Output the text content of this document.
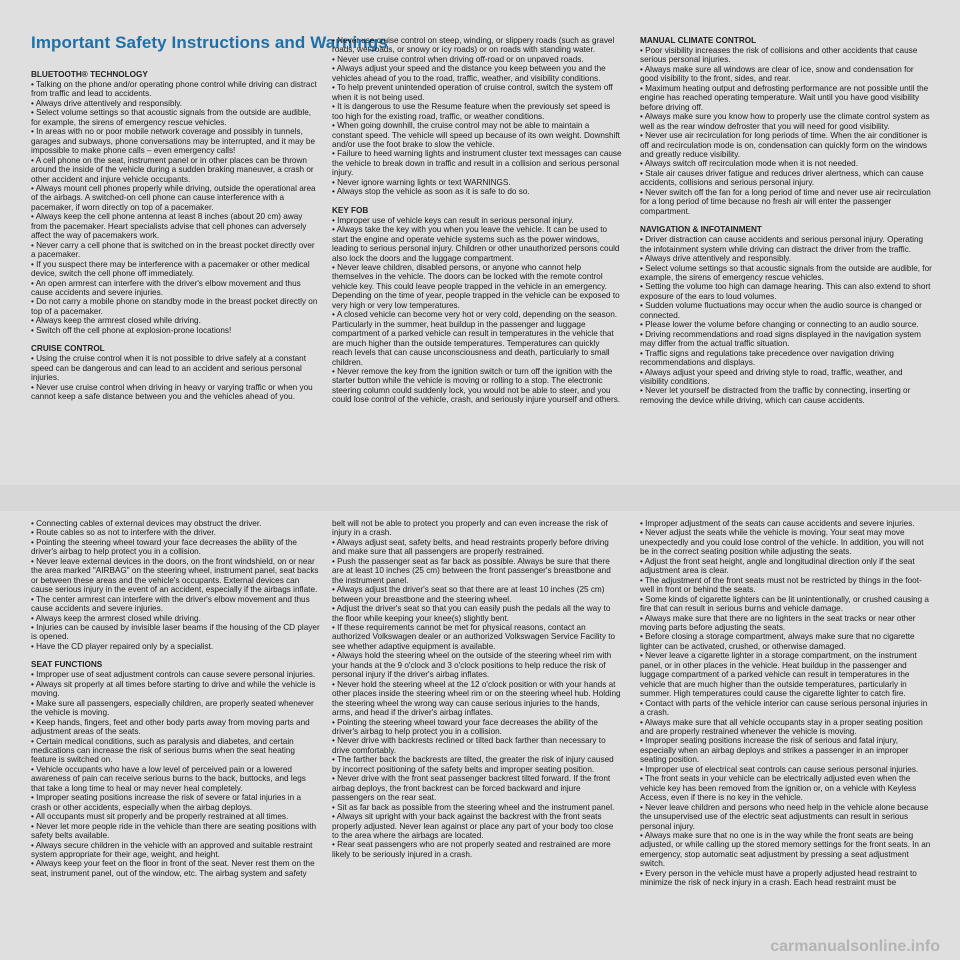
Important Safety Instructions and Warnings
BLUETOOTH® TECHNOLOGY

• Talking on the phone and/or operating phone control while driving can distract from traffic and lead to accidents.

• Always drive attentively and responsibly.

• Select volume settings so that acoustic signals from the outside are audible, for example, the sirens of emergency rescue vehicles.

• In areas with no or poor mobile network coverage and possibly in tunnels, garages and subways, phone conversations may be interrupted, and it may be impossible to make phone calls – even emergency calls!

• A cell phone on the seat, instrument panel or in other places can be thrown around the inside of the vehicle during a sudden braking maneuver, a crash or other accident and injure vehicle occupants.

• Always mount cell phones properly while driving, outside the operational area of the airbags. A switched-on cell phone can cause interference with a pacemaker, if worn directly on top of a pacemaker.

• Always keep the cell phone antenna at least 8 inches (about 20 cm) away from the pacemaker. Heart specialists advise that cell phones can adversely affect the way of pacemakers work.

• Never carry a cell phone that is switched on in the breast pocket directly over a pacemaker.

• If you suspect there may be interference with a pacemaker or other medical device, switch the cell phone off immediately.

• An open armrest can interfere with the driver's elbow movement and thus cause accidents and severe injuries.

• Do not carry a mobile phone on standby mode in the breast pocket directly on top of a pacemaker.

• Always keep the armrest closed while driving.

• Switch off the cell phone at explosion-prone locations!

CRUISE CONTROL

• Using the cruise control when it is not possible to drive safely at a constant speed can be dangerous and can lead to an accident and serious personal injuries.

• Never use cruise control when driving in heavy or varying traffic or when you cannot keep a safe distance between you and the vehicles ahead of you.

• Connecting cables of external devices may obstruct the driver.

• Route cables so as not to interfere with the driver.

• Pointing the steering wheel toward your face decreases the ability of the driver's airbag to help protect you in a collision.

• Never leave external devices in the doors, on the front windshield, on or near the area marked "AIRBAG" on the steering wheel, instrument panel, seat backs or between these areas and the vehicle's occupants. External devices can cause serious injury in the event of an accident, especially if the airbags inflate.

• The center armrest can interfere with the driver's elbow movement and thus cause accidents and severe injuries.

• Always keep the armrest closed while driving.

• Injuries can be caused by invisible laser beams if the housing of the CD player is opened.

• Have the CD player repaired only by a specialist.

SEAT FUNCTIONS

• Improper use of seat adjustment controls can cause severe personal injuries.

• Always sit properly at all times before starting to drive and while the vehicle is moving.

• Make sure all passengers, especially children, are properly seated whenever the vehicle is moving.

• Keep hands, fingers, feet and other body parts away from moving parts and adjustment areas of the seats.

• Certain medical conditions, such as paralysis and diabetes, and certain medications can increase the risk of serious burns when the seat heating feature is switched on.

• Vehicle occupants who have a low level of perceived pain or a lowered awareness of pain can receive serious burns to the back, buttocks, and legs that take a long time to heal or may never heal completely.

• Improper seating positions increase the risk of severe or fatal injuries in a crash or other accidents, especially when the airbag deploys.

• All occupants must sit properly and be properly restrained at all times.

• Never let more people ride in the vehicle than there are seating positions with safety belts available.

• Always secure children in the vehicle with an approved and suitable restraint system appropriate for their age, weight, and height.

• Always keep your feet on the floor in front of the seat. Never rest them on the seat, instrument panel, out of the window, etc. The airbag system and safety

• Never use cruise control on steep, winding, or slippery roads (such as gravel roads, wet roads, or snowy or icy roads) or on roads with standing water.

• Never use cruise control when driving off-road or on unpaved roads.

• Always adjust your speed and the distance you keep between you and the vehicles ahead of you to the road, traffic, weather, and visibility conditions.

• To help prevent unintended operation of cruise control, switch the system off when it is not being used.

• It is dangerous to use the Resume feature when the previously set speed is too high for the existing road, traffic, or weather conditions.

• When going downhill, the cruise control may not be able to maintain a constant speed. The vehicle will speed up because of its own weight. Downshift and/or use the foot brake to slow the vehicle.

• Failure to heed warning lights and instrument cluster text messages can cause the vehicle to break down in traffic and result in a collision and serious personal injury.

• Never ignore warning lights or text WARNINGS.

• Always stop the vehicle as soon as it is safe to do so.

KEY FOB

• Improper use of vehicle keys can result in serious personal injury.

• Always take the key with you when you leave the vehicle. It can be used to start the engine and operate vehicle systems such as the power windows, leading to serious personal injury. Children or other unauthorized persons could also lock the doors and the luggage compartment.

• Never leave children, disabled persons, or anyone who cannot help themselves in the vehicle. The doors can be locked with the remote control vehicle key. This could leave people trapped in the vehicle in an emergency. Depending on the time of year, people trapped in the vehicle can be exposed to very high or very low temperatures.

• A closed vehicle can become very hot or very cold, depending on the season. Particularly in the summer, heat buildup in the passenger and luggage compartment of a parked vehicle can result in temperatures in the vehicle that are much higher than the outside temperatures. Temperatures can quickly reach levels that can cause unconsciousness and death, particularly to small children.

• Never remove the key from the ignition switch or turn off the ignition with the starter button while the vehicle is moving or rolling to a stop. The electronic steering column could suddenly lock, you would not be able to steer, and you could lose control of the vehicle, crash, and seriously injure yourself and others.

belt will not be able to protect you properly and can even increase the risk of injury in a crash.

• Always adjust seat, safety belts, and head restraints properly before driving and make sure that all passengers are properly restrained.

• Push the passenger seat as far back as possible. Always be sure that there are at least 10 inches (25 cm) between the front passenger's breastbone and the instrument panel.

• Always adjust the driver's seat so that there are at least 10 inches (25 cm) between your breastbone and the steering wheel.

• Adjust the driver's seat so that you can easily push the pedals all the way to the floor while keeping your knee(s) slightly bent.

• If these requirements cannot be met for physical reasons, contact an authorized Volkswagen dealer or an authorized Volkswagen Service Facility to see whether adaptive equipment is available.

• Always hold the steering wheel on the outside of the steering wheel rim with your hands at the 9 o'clock and 3 o'clock positions to help reduce the risk of personal injury if the driver's airbag inflates.

• Never hold the steering wheel at the 12 o'clock position or with your hands at other places inside the steering wheel rim or on the steering wheel hub. Holding the steering wheel the wrong way can cause serious injuries to the hands, arms, and head if the driver's airbag inflates.

• Pointing the steering wheel toward your face decreases the ability of the driver's airbag to help protect you in a collision.

• Never drive with backrests reclined or tilted back farther than necessary to drive comfortably.

• The farther back the backrests are tilted, the greater the risk of injury caused by incorrect positioning of the safety belts and improper seating position.

• Never drive with the front seat passenger backrest tilted forward. If the front airbag deploys, the front backrest can be forced backward and injure passengers on the rear seat.

• Sit as far back as possible from the steering wheel and the instrument panel.

• Always sit upright with your back against the backrest with the front seats properly adjusted. Never lean against or place any part of your body too close to the area where the airbags are located.

• Rear seat passengers who are not properly seated and restrained are more likely to be seriously injured in a crash.

MANUAL CLIMATE CONTROL

• Poor visibility increases the risk of collisions and other accidents that cause serious personal injuries.

• Always make sure all windows are clear of ice, snow and condensation for good visibility to the front, sides, and rear.

• Maximum heating output and defrosting performance are not possible until the engine has reached operating temperature. Wait until you have good visibility before driving off.

• Always make sure you know how to properly use the climate control system as well as the rear window defroster that you will need for good visibility.

• Never use air recirculation for long periods of time. When the air conditioner is off and recirculation mode is on, condensation can quickly form on the windows and greatly reduce visibility.

• Always switch off recirculation mode when it is not needed.

• Stale air causes driver fatigue and reduces driver alertness, which can cause accidents, collisions and serious personal injury.

• Never switch off the fan for a long period of time and never use air recirculation for a long period of time because no fresh air will enter the passenger compartment.

NAVIGATION & INFOTAINMENT

• Driver distraction can cause accidents and serious personal injury. Operating the infotainment system while driving can distract the driver from the traffic.

• Always drive attentively and responsibly.

• Select volume settings so that acoustic signals from the outside are audible, for example, the sirens of emergency rescue vehicles.

• Setting the volume too high can damage hearing. This can also extend to short exposure of the ears to loud volumes.

• Sudden volume fluctuations may occur when the audio source is changed or connected.

• Please lower the volume before changing or connecting to an audio source.

• Driving recommendations and road signs displayed in the navigation system may differ from the actual traffic situation.

• Traffic signs and regulations take precedence over navigation driving recommendations and displays.

• Always adjust your speed and driving style to road, traffic, weather, and visibility conditions.

• Never let yourself be distracted from the traffic by connecting, inserting or removing the device while driving, which can cause accidents.

• Improper adjustment of the seats can cause accidents and severe injuries.

• Never adjust the seats while the vehicle is moving. Your seat may move unexpectedly and you could lose control of the vehicle. In addition, you will not be in the correct seating position while adjusting the seats.

• Adjust the front seat height, angle and longitudinal direction only if the seat adjustment area is clear.

• The adjustment of the front seats must not be restricted by things in the foot-well in front or behind the seats.

• Some kinds of cigarette lighters can be lit unintentionally, or crushed causing a fire that can result in serious burns and vehicle damage.

• Always make sure that there are no lighters in the seat tracks or near other moving parts before adjusting the seats.

• Before closing a storage compartment, always make sure that no cigarette lighter can be activated, crushed, or otherwise damaged.

• Never leave a cigarette lighter in a storage compartment, on the instrument panel, or in other places in the vehicle. Heat buildup in the passenger and luggage compartment of a parked vehicle can result in temperatures in the vehicle that are much higher than the outside temperatures, particularly in summer. High temperatures could cause the cigarette lighter to catch fire.

• Contact with parts of the vehicle interior can cause serious personal injuries in a crash.

• Always make sure that all vehicle occupants stay in a proper seating position and are properly restrained whenever the vehicle is moving.

• Improper seating positions increase the risk of serious and fatal injury, especially when an airbag deploys and strikes a passenger in an improper seating position.

• Improper use of electrical seat controls can cause serious personal injuries.

• The front seats in your vehicle can be electrically adjusted even when the vehicle key has been removed from the ignition or, on a vehicle with Keyless Access, even if there is no key in the vehicle.

• Never leave children and persons who need help in the vehicle alone because the unsupervised use of the electric seat adjustments can result in serious personal injury.

• Always make sure that no one is in the way while the front seats are being adjusted, or while calling up the stored memory settings for the front seats. In an emergency, stop automatic seat adjustment by pressing a seat adjustment switch.

• Every person in the vehicle must have a properly adjusted head restraint to minimize the risk of neck injury in a crash. Each head restraint must be

carmanualsonline.info
